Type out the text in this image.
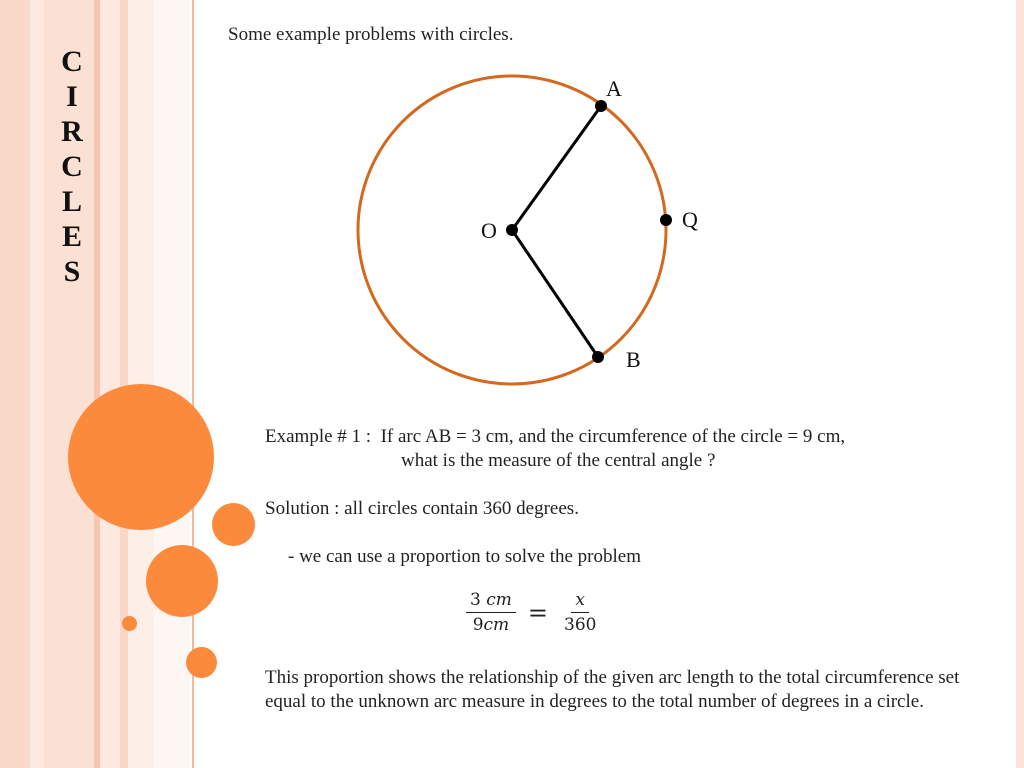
C
I
R
C
L
E
S
Some example problems with circles.
A
Q
O
B
Example # 1 : If arc AB = 3 cm, and the circumference of the circle = 9 cm,
what is the measure of the central angle ?
Solution : all circles contain 360 degrees.
- we can use a proportion to solve the problem
$\frac{3 cm}{9cm} = \frac{x}{360}$
This proportion shows the relationship of the given arc length to the total circumference set equal to the unknown arc measure in degrees to the total number of degrees in a circle.
